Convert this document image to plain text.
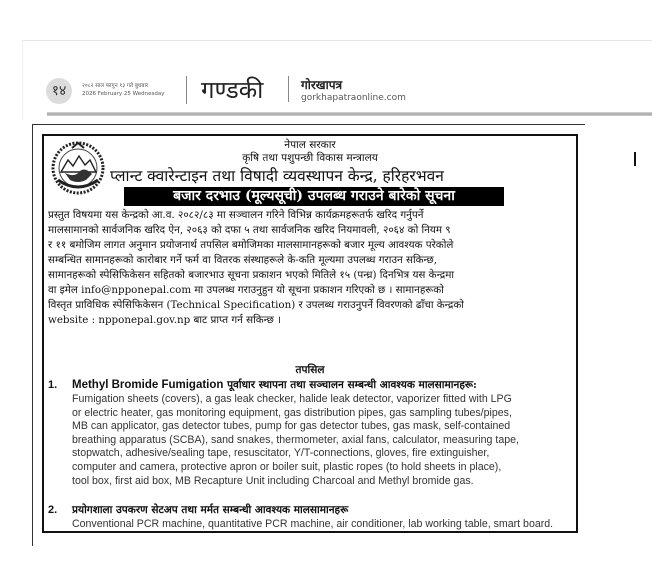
१४	२०८२ साल फागुन १३ गते बुधबार
2026 February 25 Wednesday गण्डकी	गोरखापत्र
gorkhapatraonline.com
नेपाल सरकार
कृषि तथा पशुपन्छी विकास मन्त्रालय
प्लान्ट क्वारेन्टाइन तथा विषादी व्यवस्थापन केन्द्र, हरिहरभवन
बजार दरभाउ (मूल्यसूची) उपलब्ध गराउने बारेको सूचना
प्रस्तुत विषयमा यस केन्द्रको आ.व. २०८२/८३ मा सञ्चालन गरिने विभिन्न कार्यक्रमहरूतर्फ खरिद गर्नुपर्ने
मालसामानको सार्वजनिक खरिद ऐन, २०६३ को दफा ५ तथा सार्वजनिक खरिद नियमावली, २०६४ को नियम ९
र ११ बमोजिम लागत अनुमान प्रयोजनार्थ तपसिल बमोजिमका मालसामानहरूको बजार मूल्य आवश्यक परेकोले
सम्बन्धित सामानहरूको कारोबार गर्ने फर्म वा वितरक संस्थाहरूले के-कति मूल्यमा उपलब्ध गराउन सकिन्छ,
सामानहरूको स्पेसिफिकेसन सहितको बजारभाउ सूचना प्रकाशन भएको मितिले १५ (पन्ध्र) दिनभित्र यस केन्द्रमा
वा इमेल info@npponepal.com मा उपलब्ध गराउनुहुन यो सूचना प्रकाशन गरिएको छ । सामानहरूको
विस्तृत प्राविधिक स्पेसिफिकेसन (Technical Specification) र उपलब्ध गराउनुपर्ने विवरणको ढाँचा केन्द्रको
website : npponepal.gov.np बाट प्राप्त गर्न सकिन्छ ।
तपसिल
1. Methyl Bromide Fumigation पूर्वाधार स्थापना तथा सञ्चालन सम्बन्धी आवश्यक मालसामानहरू:
Fumigation sheets (covers), a gas leak checker, halide leak detector, vaporizer fitted with LPG
or electric heater, gas monitoring equipment, gas distribution pipes, gas sampling tubes/pipes,
MB can applicator, gas detector tubes, pump for gas detector tubes, gas mask, self-contained
breathing apparatus (SCBA), sand snakes, thermometer, axial fans, calculator, measuring tape,
stopwatch, adhesive/sealing tape, resuscitator, Y/T-connections, gloves, fire extinguisher,
computer and camera, protective apron or boiler suit, plastic ropes (to hold sheets in place),
tool box, first aid box, MB Recapture Unit including Charcoal and Methyl bromide gas.
2. प्रयोगशाला उपकरण सेटअप तथा मर्मत सम्बन्धी आवश्यक मालसामानहरू
Conventional PCR machine, quantitative PCR machine, air conditioner, lab working table, smart board.
